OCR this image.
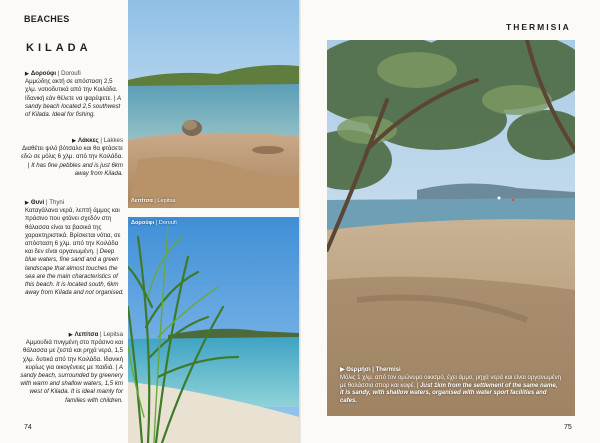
BEACHES
KILADA

▶ Δορούφι | Doroufi

Αμμώδης ακτή σε απόσταση 2,5 χλμ. νοτιοδυτικά από την Κοιλάδα. Ιδανική εάν θέλετε να ψαρέψετε. | A sandy beach located 2,5 southwest of Kilada. Ideal for fishing.

▶ Λάκκες | Lakkes

Διαθέτει ψιλό βότσαλο και θα φτάσετε εδώ σε μόλις 6 χλμ. από την Κοιλάδα. | It has fine pebbles and is just 6km away from Kilada.

▶ Θυνί | Thyni

Καταγάλανα νερά, λεπτή άμμος και πράσινο που φτάνει σχεδόν στη θάλασσα είναι τα βασικά της χαρακτηριστικά. Βρίσκεται νότια, σε απόσταση 6 χλμ. από την Κοιλάδα και δεν είναι οργανωμένη. | Deep blue waters, fine sand and a green landscape that almost touches the sea are the main characteristics of this beach. It is located south, 6km away from Kilada and not organised.

▶ Λεπίτσα | Lepitsa

Αμμουδιά πνιγμένη στο πράσινο και θάλασσα με ζεστά και ρηχά νερά, 1,5 χλμ. δυτικά από την Κοιλάδα. Ιδανική κυρίως για οικογένειες με παιδιά. | A sandy beach, surrounded by greenery with warm and shallow waters, 1,5 km west of Kilada. It is ideal mainly for families with children.

Λεπίτσα | Lepitsa
Δορούφι | Doroufi
THERMISIA
▶ Θερμήσι | Thermisi
Μόλις 1 χλμ. από τον ομώνυμο οικισμό, έχει άμμο, ρηχά νερά και είναι οργανωμένη με θαλάσσια σπορ και καφέ. | Just 1km from the settlement of the same name, it is sandy, with shallow waters, organised with water sport facilities and cafes.
74	75
